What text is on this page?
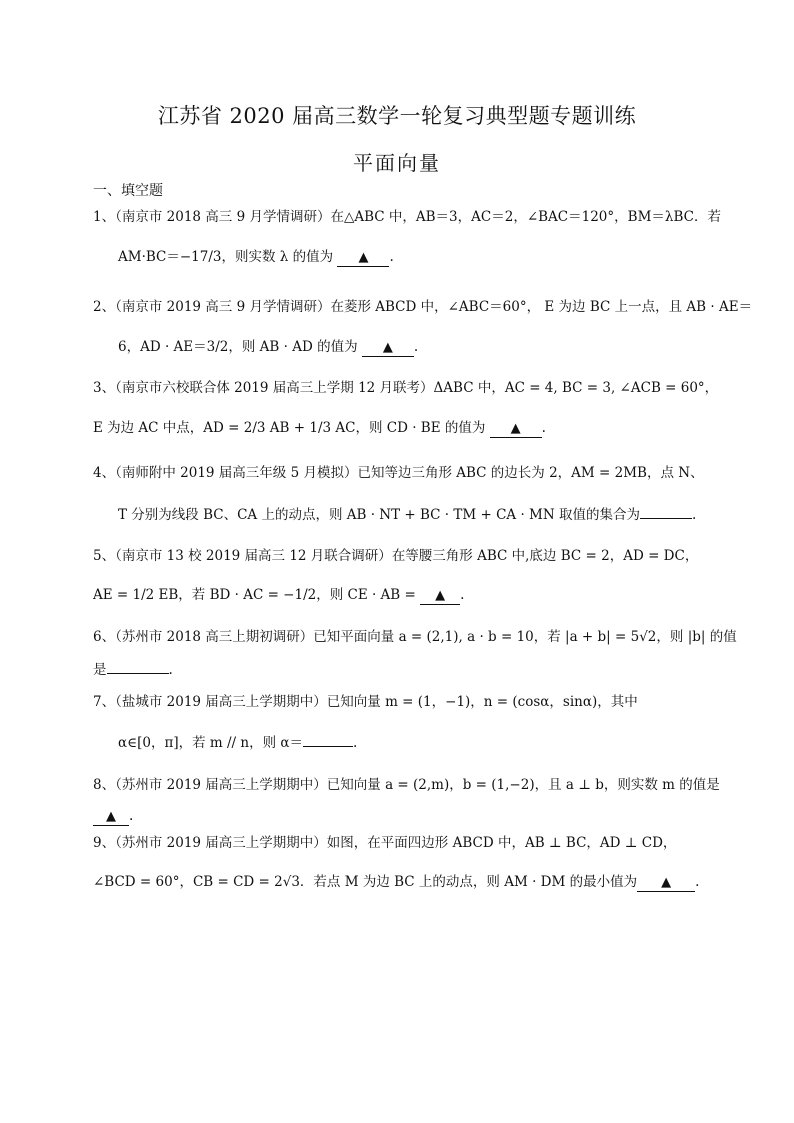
江苏省 2020 届高三数学一轮复习典型题专题训练
平面向量
一、填空题
1、（南京市 2018 高三 9 月学情调研）在△ABC 中，AB＝3，AC＝2，∠BAC＝120°，BM＝λBC．若
AM·BC＝−17/3，则实数 λ 的值为 ▲ .
2、（南京市 2019 高三 9 月学情调研）在菱形 ABCD 中，∠ABC＝60°， E 为边 BC 上一点，且 AB · AE＝
6，AD · AE＝3/2，则 AB · AD 的值为 ▲ .
3、（南京市六校联合体 2019 届高三上学期 12 月联考）ΔABC 中，AC = 4, BC = 3, ∠ACB = 60°，
E 为边 AC 中点，AD = 2/3 AB + 1/3 AC，则 CD · BE 的值为 ▲ .
4、（南师附中 2019 届高三年级 5 月模拟）已知等边三角形 ABC 的边长为 2，AM = 2MB，点 N、
T 分别为线段 BC、CA 上的动点，则 AB · NT + BC · TM + CA · MN 取值的集合为	.
5、（南京市 13 校 2019 届高三 12 月联合调研）在等腰三角形 ABC 中,底边 BC = 2，AD = DC，
AE = 1/2 EB，若 BD · AC = −1/2，则 CE · AB = ▲ .
6、（苏州市 2018 高三上期初调研）已知平面向量 a = (2,1), a · b = 10，若 |a + b| = 5√2，则 |b| 的值
是	.
7、（盐城市 2019 届高三上学期期中）已知向量 m = (1，−1)，n = (cosα，sinα)，其中
α∈[0，π]，若 m // n，则 α＝	.
8、（苏州市 2019 届高三上学期期中）已知向量 a = (2,m)，b = (1,−2)，且 a ⊥ b，则实数 m 的值是
▲ .
9、（苏州市 2019 届高三上学期期中）如图，在平面四边形 ABCD 中，AB ⊥ BC，AD ⊥ CD，
∠BCD = 60°，CB = CD = 2√3．若点 M 为边 BC 上的动点，则 AM · DM 的最小值为 ▲ .
